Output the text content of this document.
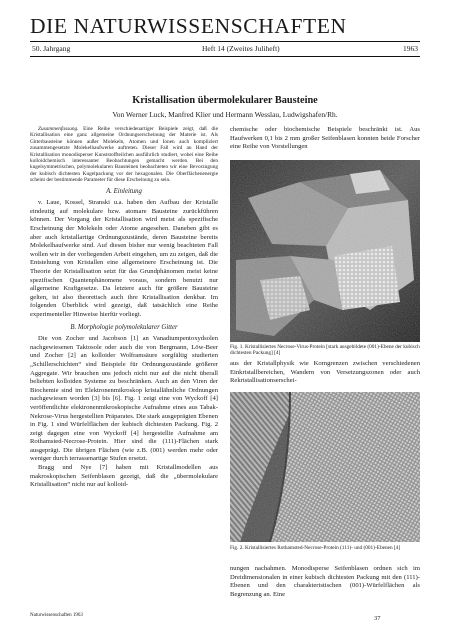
DIE NATURWISSENSCHAFTEN
50. Jahrgang	Heft 14 (Zweites Juliheft)	1963
Kristallisation übermolekularer Bausteine
Von Werner Luck, Manfred Klier und Hermann Wesslau, Ludwigshafen/Rh.

Zusammenfassung. Eine Reihe verschiedenartiger Beispiele zeigt, daß die Kristallisation eine ganz allgemeine Ordnungserscheinung der Materie ist. Als Gitterbausteine können außer Molekeln, Atomen und Ionen auch kompliziert zusammengesetzte Molekelhaufwerke auftreten. Dieser Fall wird an Hand der Kristallisation monodisperser Kunststoffteilchen ausführlich studiert, wobei eine Reihe kolloidchemisch interessanter Beobachtungen gemacht werden. Bei den kugelsymmetrischen, polymolekularen Bausteinen beobachteten wir eine Bevorzugung der kubisch dichtesten Kugelpackung vor der hexagonalen. Die Oberflächenenergie scheint der bestimmende Parameter für diese Erscheinung zu sein.

A. Einleitung

v. Laue, Kossel, Stranski u.a. haben den Aufbau der Kristalle eindeutig auf molekulare bzw. atomare Bausteine zurückführen können. Der Vorgang der Kristallisation wird meist als spezifische Erscheinung der Molekeln oder Atome angesehen. Daneben gibt es aber auch kristallartige Ordnungszustände, deren Bausteine bereits Molekelhaufwerke sind. Auf diesen bisher nur wenig beachteten Fall wollen wir in der vorliegenden Arbeit eingehen, um zu zeigen, daß die Entstehung von Kristallen eine allgemeinere Erscheinung ist. Die Theorie der Kristallisation setzt für das Grundphänomen meist keine spezifischen Quantenphänomene voraus, sondern benutzt nur allgemeine Kraftgesetze. Da letztere auch für größere Bausteine gelten, ist also theoretisch auch ihre Kristallisation denkbar. Im folgenden Überblick wird gezeigt, daß tatsächlich eine Reihe experimenteller Hinweise hierfür vorliegt.

B. Morphologie polymolekularer Gitter

Die von Zocher und Jacobson [1] an Vanadiumpentoxydsolen nachgewiesenen Taktosole oder auch die von Bergmann, Löw-Beer und Zocher [2] an kolloider Wolframsäure sorgfältig studierten „Schillerschichten“ sind Beispiele für Ordnungszustände größerer Aggregate. Wir brauchen uns jedoch nicht nur auf die nicht überall beliebten kolloiden Systeme zu beschränken. Auch an den Viren der Biochemie sind im Elektronenmikroskop kristallähnliche Ordnungen nachgewiesen worden [3] bis [6]. Fig. 1 zeigt eine von Wyckoff [4] veröffentlichte elektronenmikroskopische Aufnahme eines aus Tabak-Nekrose-Virus hergestellten Präparates. Die stark ausgeprägten Ebenen in Fig. 1 sind Würfelflächen der kubisch dichtesten Packung. Fig. 2 zeigt dagegen eine von Wyckoff [4] hergestellte Aufnahme am Rothamsted-Necrose-Protein. Hier sind die (111)-Flächen stark ausgeprägt. Die übrigen Flächen (wie z.B. (001) werden mehr oder weniger durch terrassenartige Stufen ersetzt.

Bragg und Nye [7] haben mit Kristallmodellen aus makroskopischen Seifenblasen gezeigt, daß die „übermolekulare Kristallisation“ nicht nur auf kolloid-

chemische oder biochemische Beispiele beschränkt ist. Aus Haufwerken 0,1 bis 2 mm großer Seifenblasen konnten beide Forscher eine Reihe von Vorstellungen

Fig. 1. Kristallisiertes Necrose-Virus-Protein [stark ausgebildete (001)-Ebene der kubisch dichtesten Packung] [4]

aus der Kristallphysik wie Korngrenzen zwischen verschiedenen Einkristallbereichen, Wandern von Versetzungszonen oder auch Rekristallisationserschei-

Fig. 2. Kristallisiertes Rothamsted-Necrose-Protein (111)- und (001)-Ebenen [4]

nungen nachahmen. Monodisperse Seifenblasen ordnen sich im Dreidimensionalen in einer kubisch dichtesten Packung mit den (111)-Ebenen und den charakteristischen (001)-Würfelflächen als Begrenzung an. Eine

Naturwissenschaften 1963	37
